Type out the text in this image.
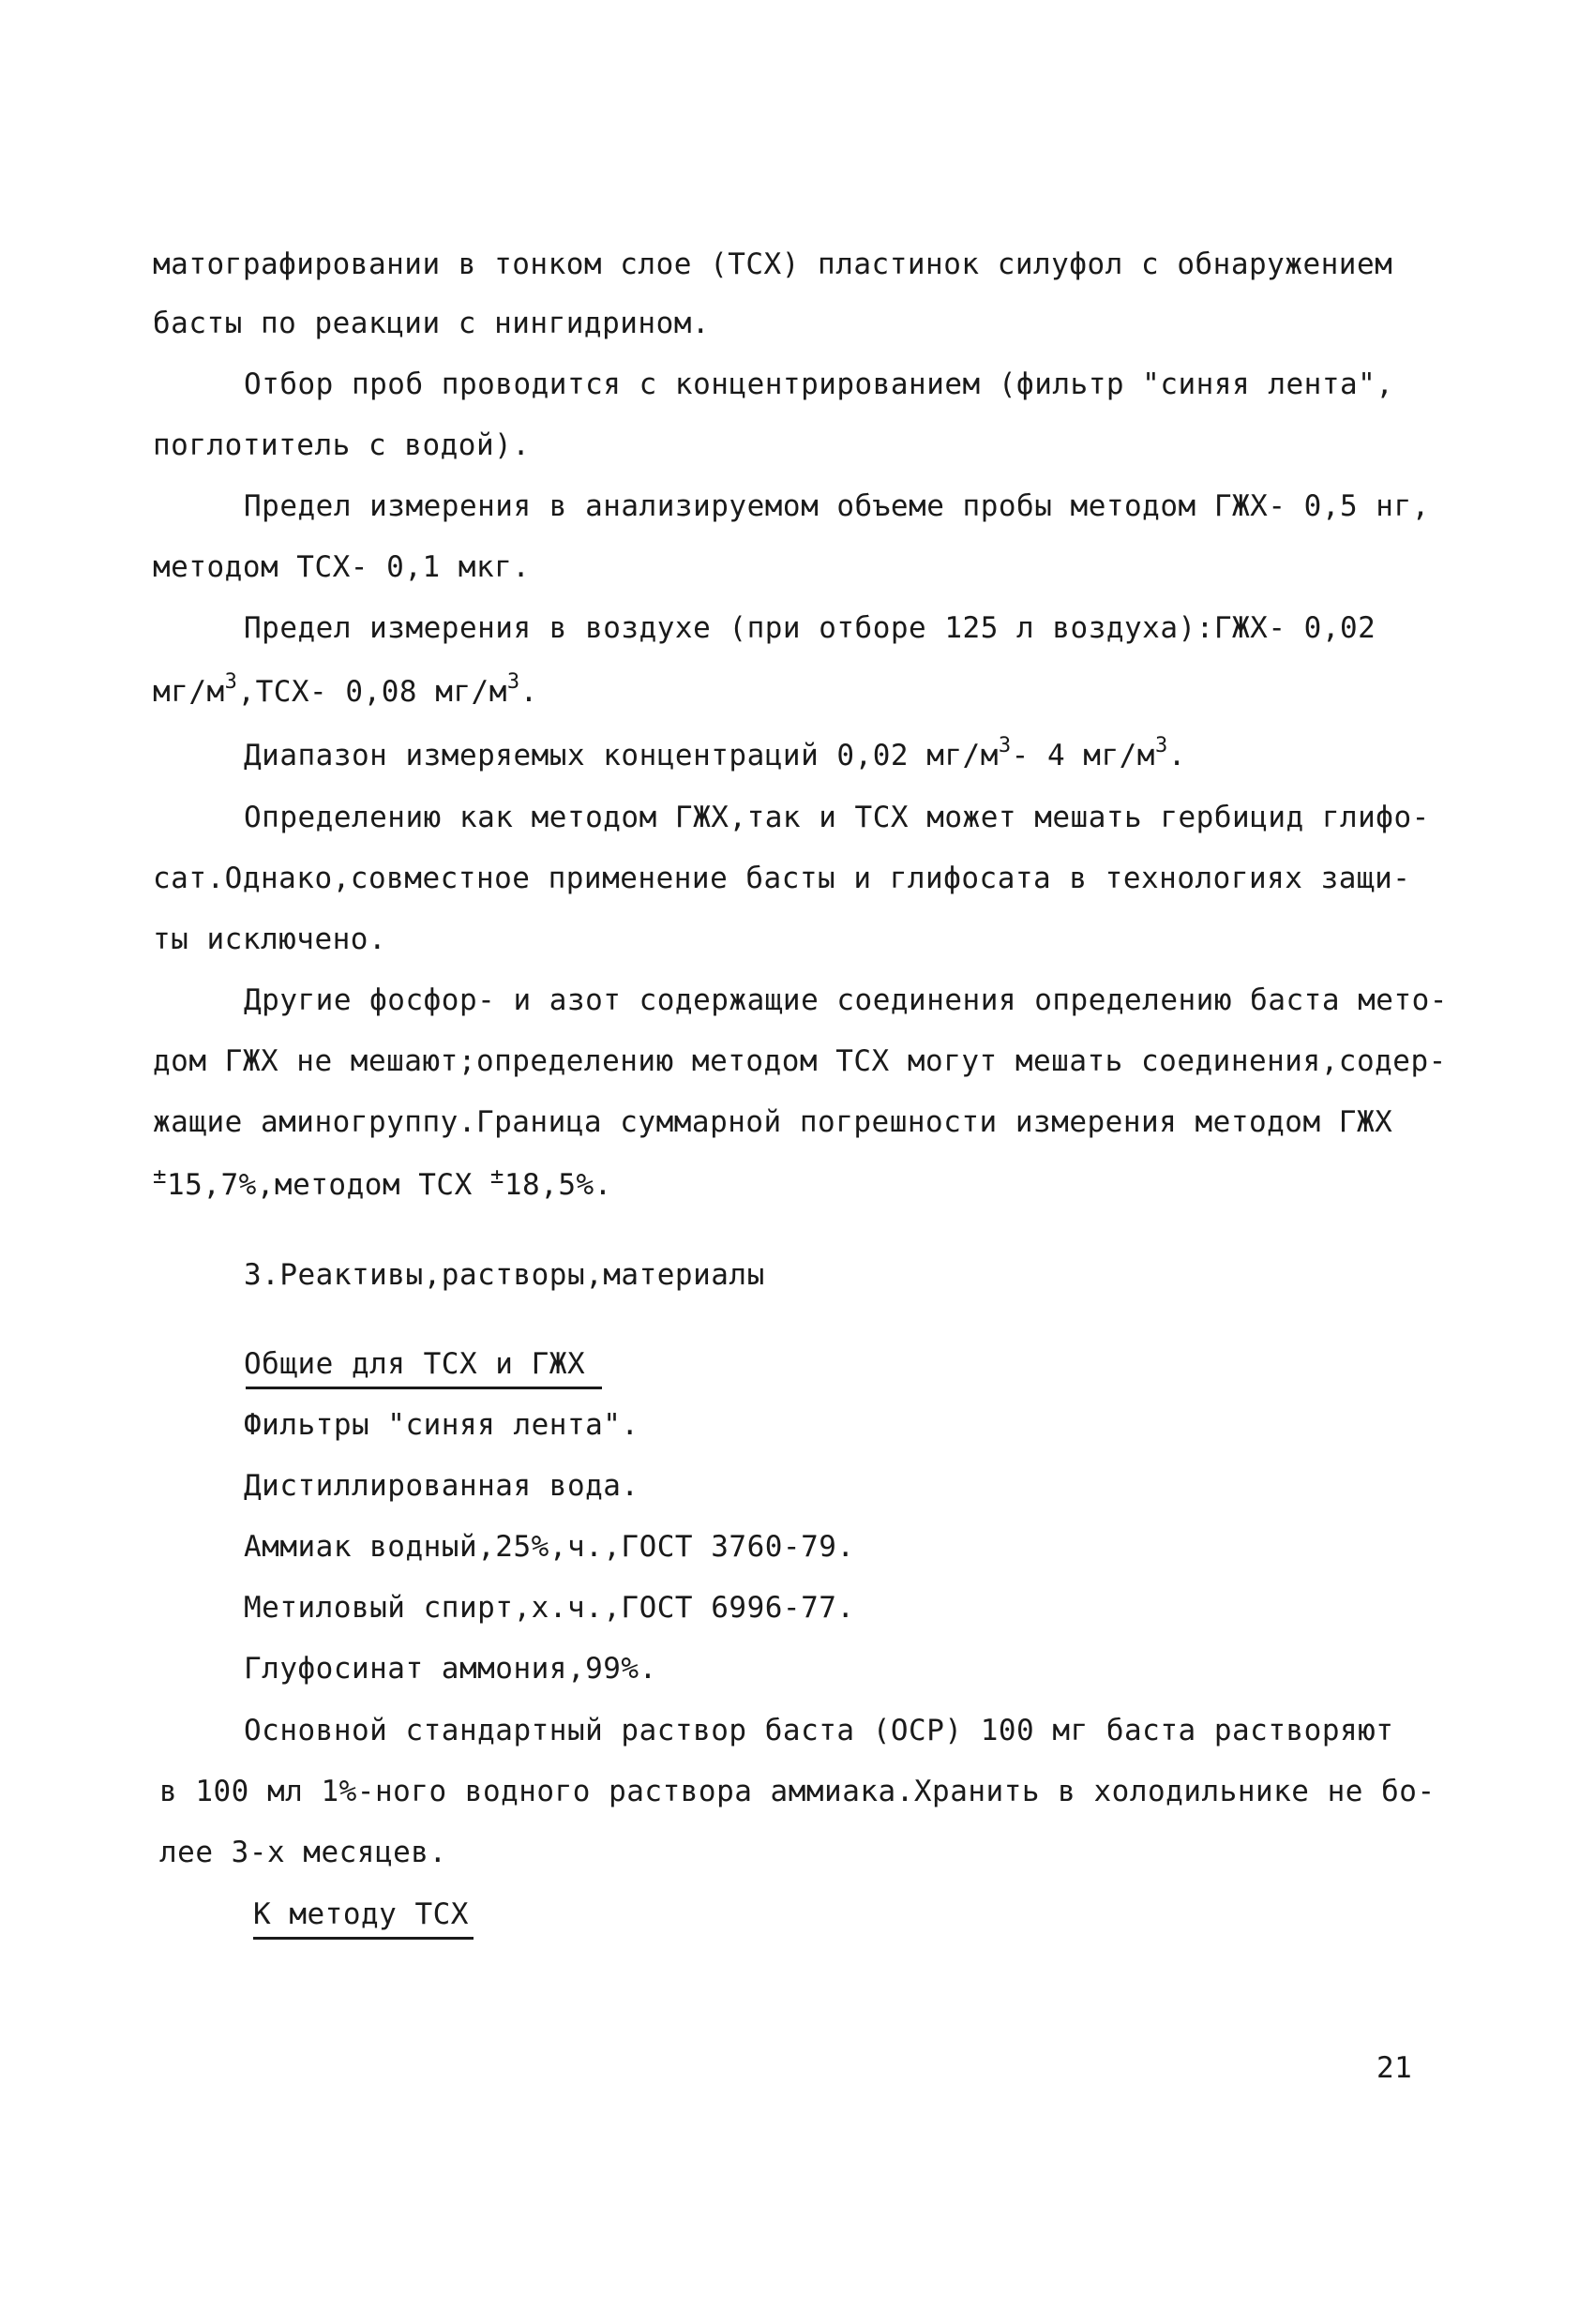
матографировании в тонком слое (ТСХ) пластинок силуфол с обнаружением
басты по реакции с нингидрином.
Отбор проб проводится с концентрированием (фильтр "синяя лента",
поглотитель с водой).
Предел измерения в анализируемом объеме пробы методом ГЖХ- 0,5 нг,
методом ТСХ- 0,1 мкг.
Предел измерения в воздухе (при отборе 125 л воздуха):ГЖХ- 0,02
$мг/м^3,ТСХ-$ 0,08 $мг/м^3$.
Диапазон измеряемых концентраций 0,02 $мг/м^3-$ 4 $мг/м^3$.
Определению как методом ГЖХ,так и ТСХ может мешать гербицид глифо-
сат.Однако,совместное применение басты и глифосата в технологиях защи-
ты исключено.
Другие фосфор- и азот содержащие соединения определению баста мето-
дом ГЖХ не мешают;определению методом ТСХ могут мешать соединения,содер-
жащие аминогруппу.Граница суммарной погрешности измерения методом ГЖХ
±15,7%,методом ТСХ ±18,5%.
3.Реактивы,растворы,материалы
Общие для ТСХ и ГЖХ
Фильтры "синяя лента".
Дистиллированная вода.
Аммиак водный,25%,ч.,ГОСТ 3760-79.
Метиловый спирт,х.ч.,ГОСТ 6996-77.
Глуфосинат аммония,99%.
Основной стандартный раствор баста (ОСР) 100 мг баста растворяют
в 100 мл 1%-ного водного раствора аммиака.Хранить в холодильнике не бо-
лее 3-х месяцев.
К методу ТСХ
21
